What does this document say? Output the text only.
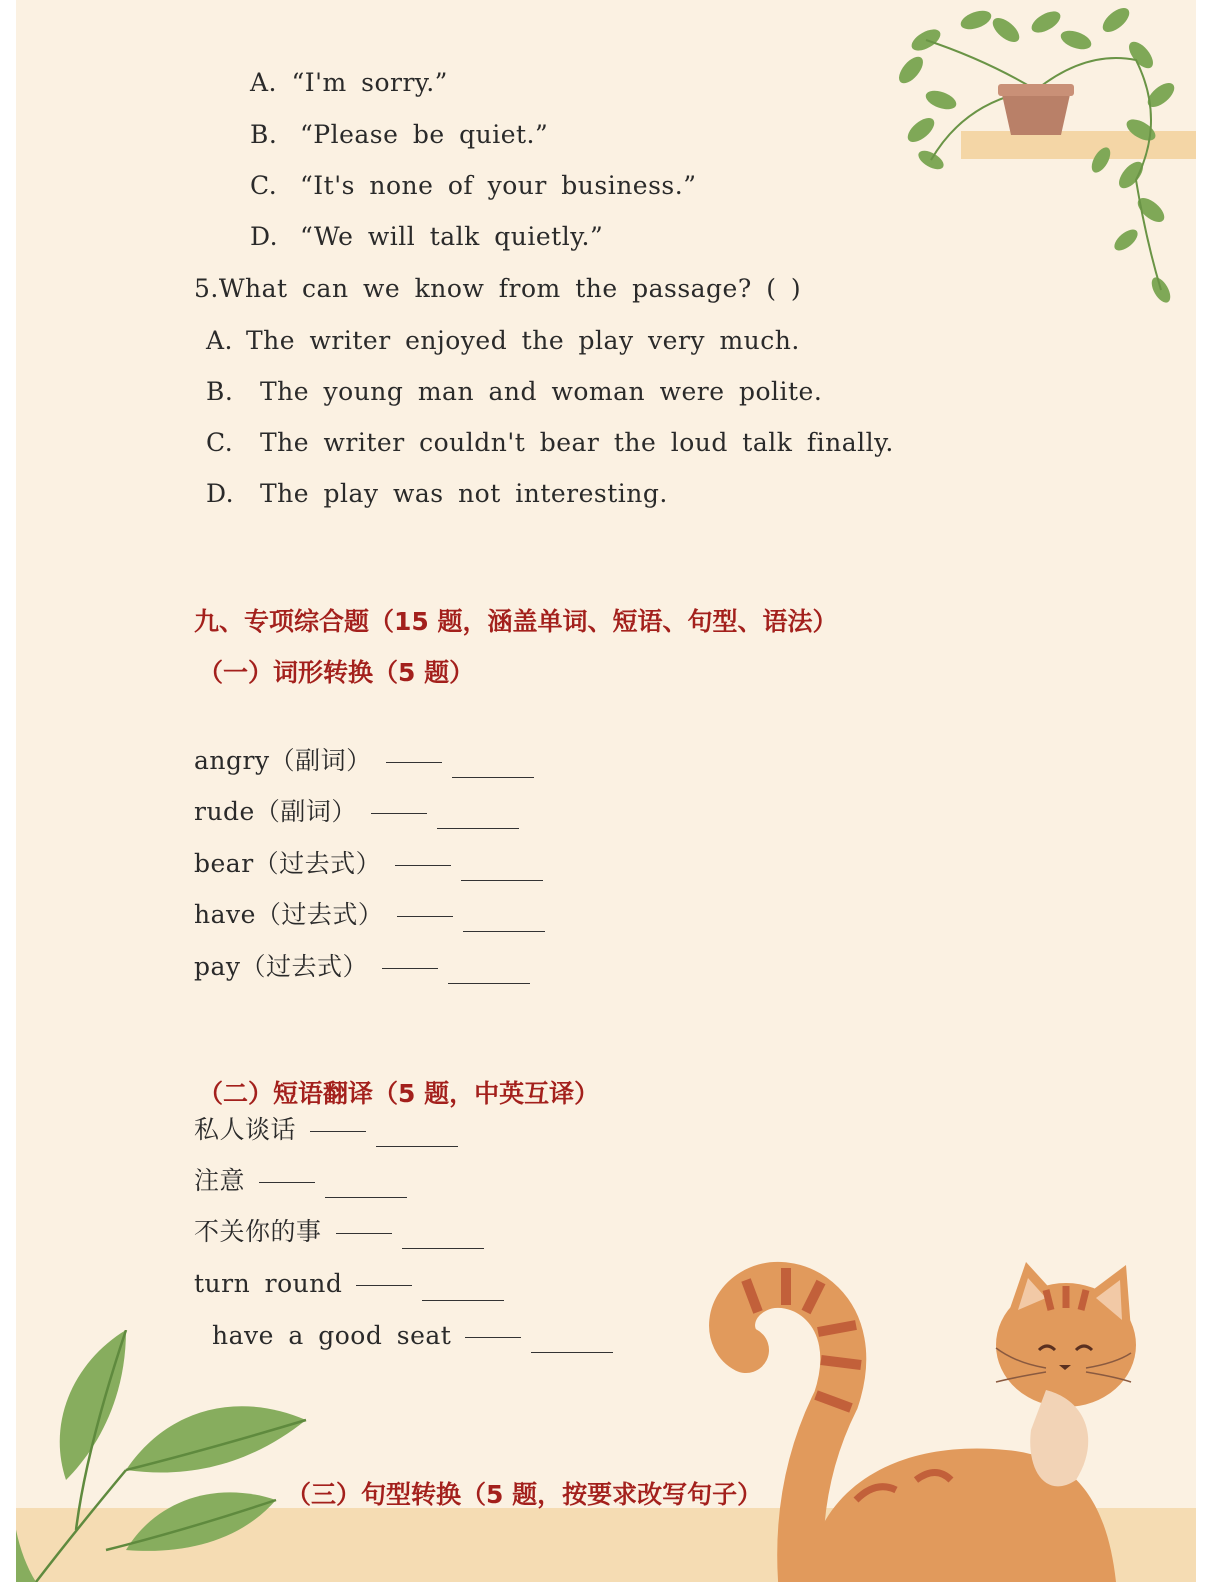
A. “I'm sorry.”
B. “Please be quiet.”
C. “It's none of your business.”
D. “We will talk quietly.”
5.What can we know from the passage? ( )
A. The writer enjoyed the play very much.
B. The young man and woman were polite.
C. The writer couldn't bear the loud talk finally.
D. The play was not interesting.
九、专项综合题（15 题，涵盖单词、短语、句型、语法）
（一）词形转换（5 题）
angry（副词）
rude（副词）
bear（过去式）
have（过去式）
pay（过去式）
（二）短语翻译（5 题，中英互译）
私人谈话
注意
不关你的事
turn round
have a good seat
（三）句型转换（5 题，按要求改写句子）
